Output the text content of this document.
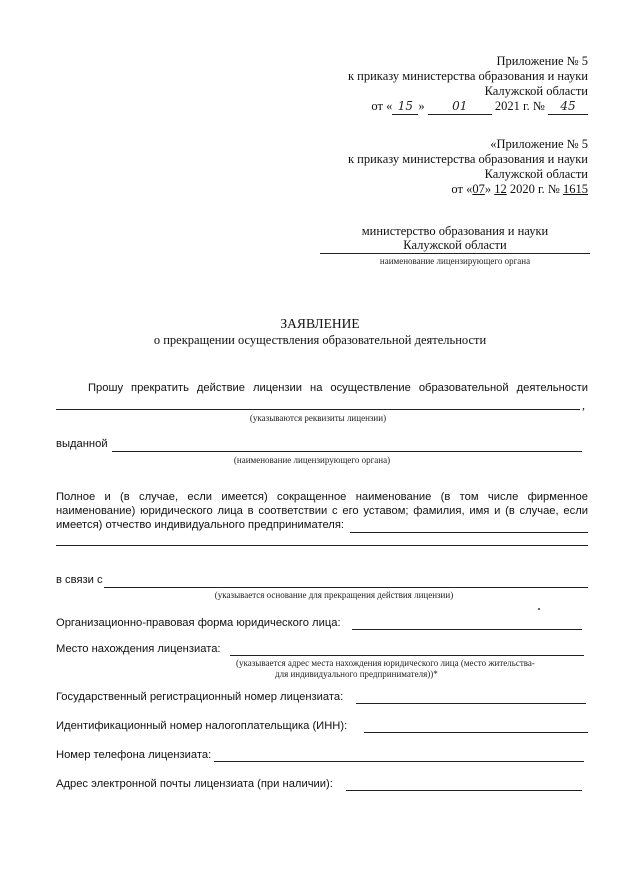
Приложение № 5
к приказу министерства образования и науки
Калужской области
от « 15 » 01 2021 г. № 45
«Приложение № 5
к приказу министерства образования и науки
Калужской области
от «07» 12 2020 г. № 1615
министерство образования и науки
Калужской области
наименование лицензирующего органа
ЗАЯВЛЕНИЕ
о прекращении осуществления образовательной деятельности
Прошу прекратить действие лицензии на осуществление образовательной деятельности
,
(указываются реквизиты лицензии)
выданной
(наименование лицензирующего органа)
Полное и (в случае, если имеется) сокращенное наименование (в том числе фирменное
наименование) юридического лица в соответствии с его уставом; фамилия, имя и (в случае, если
имеется) отчество индивидуального предпринимателя:
в связи с
(указывается основание для прекращения действия лицензии)
Организационно-правовая форма юридического лица:
Место нахождения лицензиата:
(указывается адрес места нахождения юридического лица (место жительства-
для индивидуального предпринимателя))*
Государственный регистрационный номер лицензиата:
Идентификационный номер налогоплательщика (ИНН):
Номер телефона лицензиата:
Адрес электронной почты лицензиата (при наличии):
